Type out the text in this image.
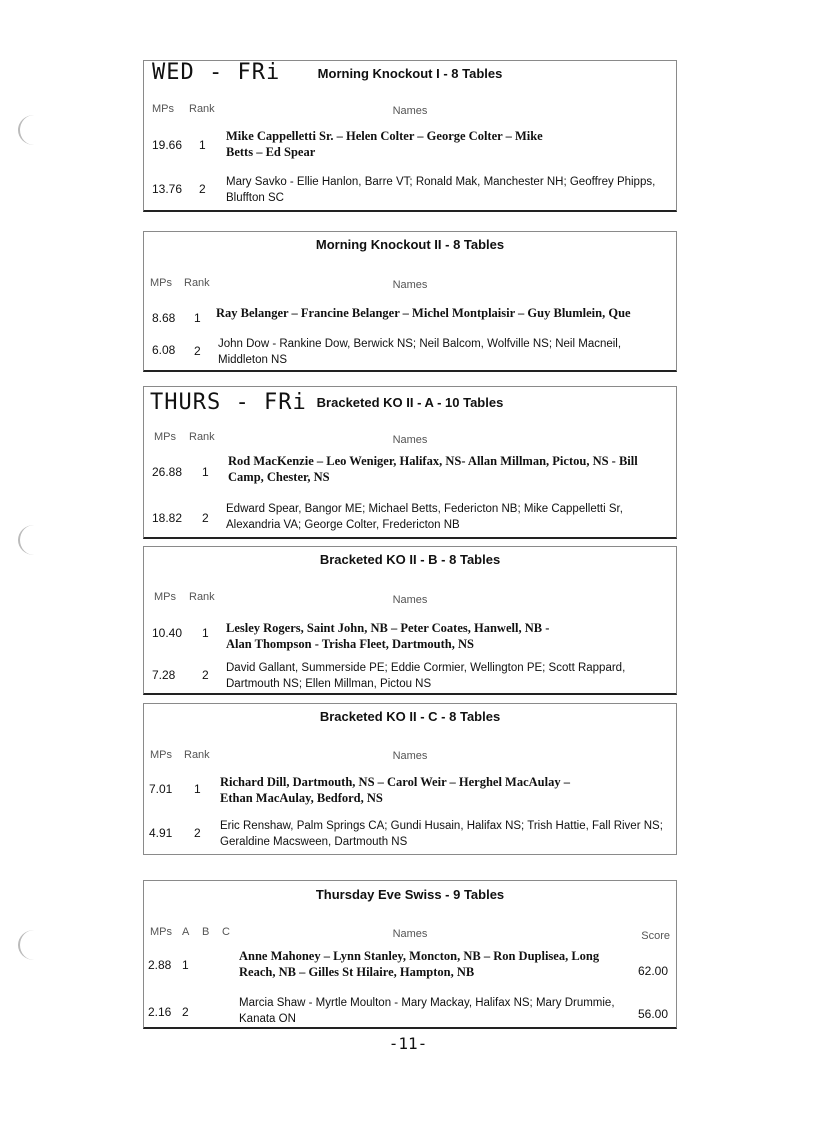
Morning Knockout I - 8 Tables
MPs Rank	Names
19.66 1
Mike Cappelletti Sr. – Helen Colter – George Colter – Mike Betts – Ed Spear
13.76 2 Mary Savko - Ellie Hanlon, Barre VT; Ronald Mak, Manchester NH; Geoffrey Phipps, Bluffton SC
WED - FRi
Morning Knockout II - 8 Tables
MPs Rank	Names
8.68 1 Ray Belanger – Francine Belanger – Michel Montplaisir – Guy Blumlein, Que
6.08 2 John Dow - Rankine Dow, Berwick NS; Neil Balcom, Wolfville NS; Neil Macneil, Middleton NS
Bracketed KO II - A - 10 Tables
MPs Rank	Names
26.88 1
Rod MacKenzie – Leo Weniger, Halifax, NS- Allan Millman, Pictou, NS - Bill Camp, Chester, NS
18.82 2
Edward Spear, Bangor ME; Michael Betts, Federicton NB; Mike Cappelletti Sr, Alexandria VA; George Colter, Fredericton NB
THURS - FRi
Bracketed KO II - B - 8 Tables
MPs Rank	Names
10.40 1 Lesley Rogers, Saint John, NB – Peter Coates, Hanwell, NB - Alan Thompson - Trisha Fleet, Dartmouth, NS
7.28 2 David Gallant, Summerside PE; Eddie Cormier, Wellington PE; Scott Rappard, Dartmouth NS; Ellen Millman, Pictou NS
Bracketed KO II - C - 8 Tables
MPs Rank	Names
7.01 1 Richard Dill, Dartmouth, NS – Carol Weir – Herghel MacAulay – Ethan MacAulay, Bedford, NS
4.91 2 Eric Renshaw, Palm Springs CA; Gundi Husain, Halifax NS; Trish Hattie, Fall River NS; Geraldine Macsween, Dartmouth NS
Thursday Eve Swiss - 9 Tables
MPs A B C	Names	Score
2.88 1
Anne Mahoney – Lynn Stanley, Moncton, NB – Ron Duplisea, Long Reach, NB – Gilles St Hilaire, Hampton, NB	62.00
2.16 2
Marcia Shaw - Myrtle Moulton - Mary Mackay, Halifax NS; Mary Drummie, Kanata ON	56.00
-11-
